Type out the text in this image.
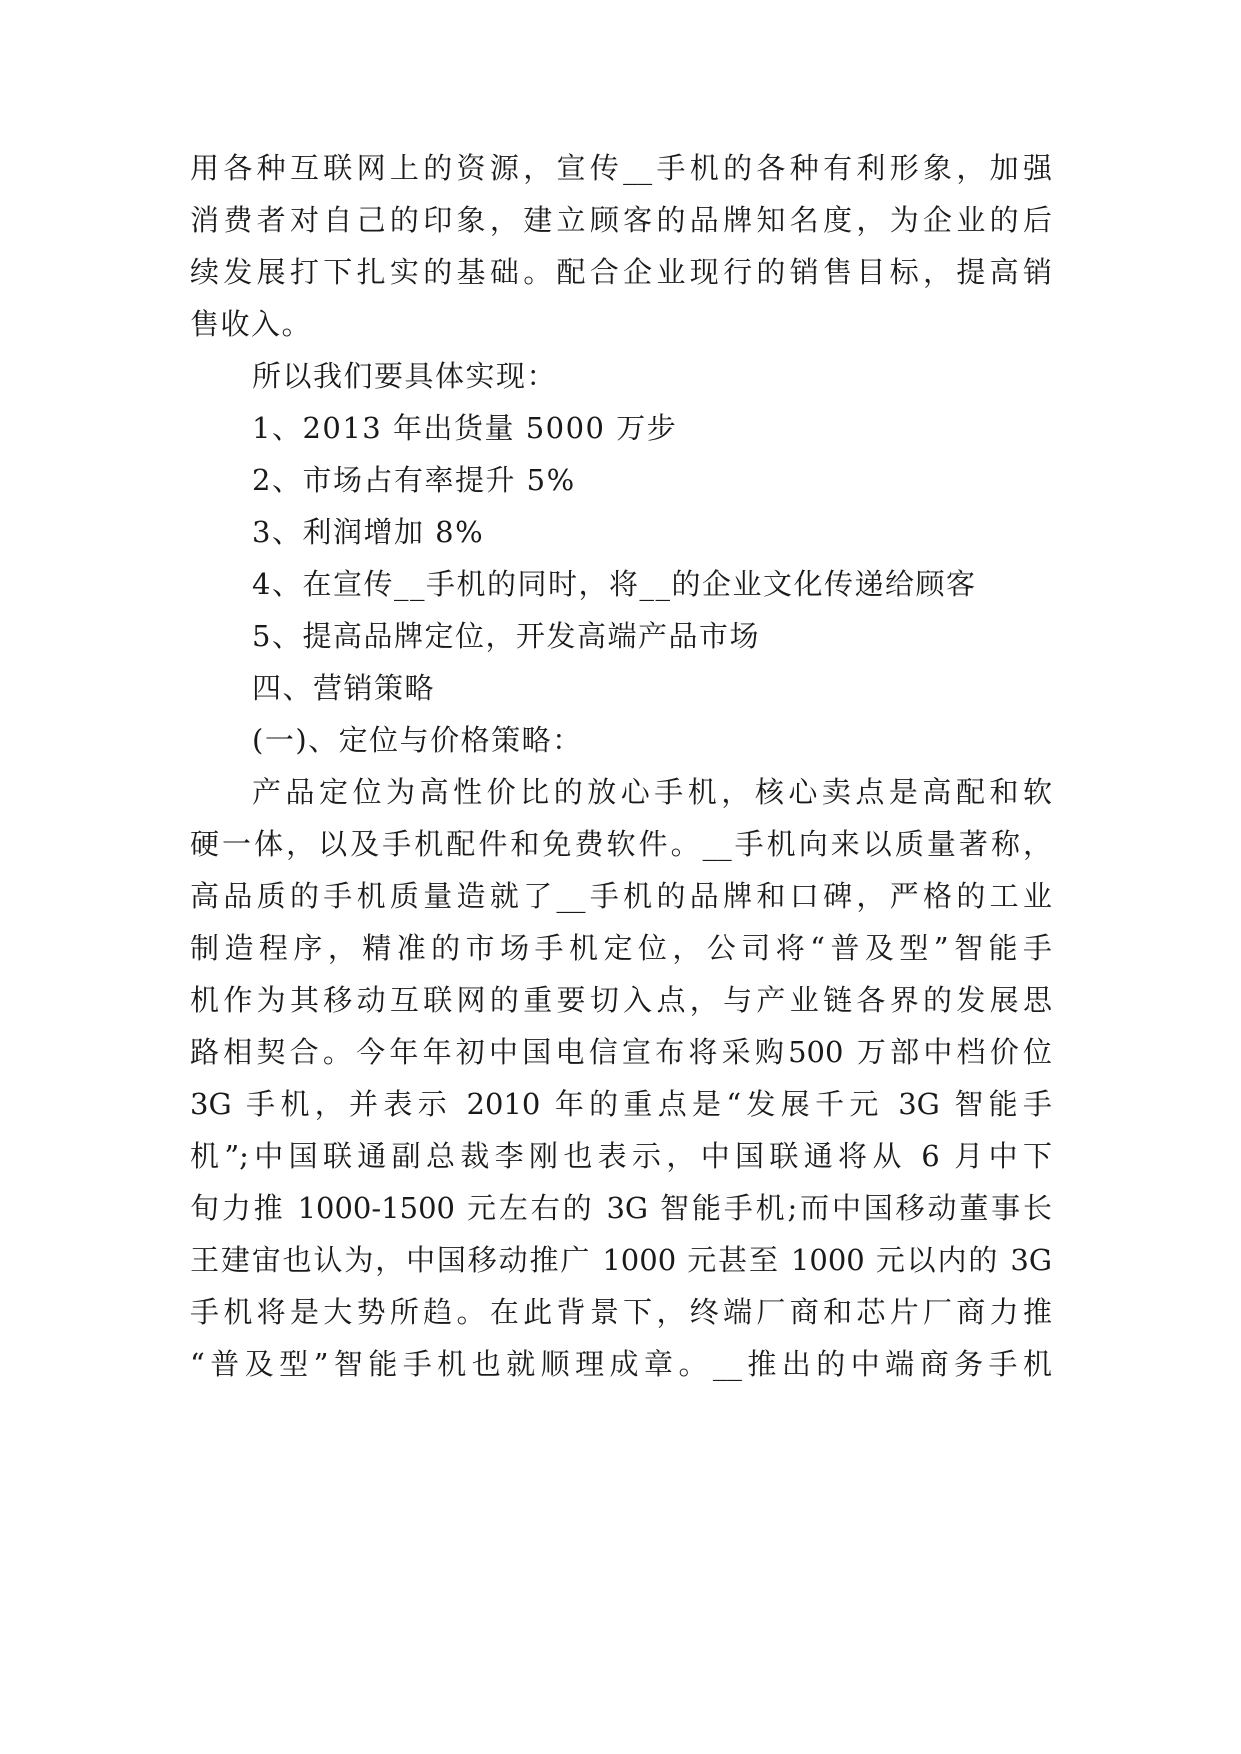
用各种互联网上的资源，宣传__手机的各种有利形象，加强
消费者对自己的印象，建立顾客的品牌知名度，为企业的后
续发展打下扎实的基础。配合企业现行的销售目标，提高销
售收入。
所以我们要具体实现：
1、2013 年出货量 5000 万步
2、市场占有率提升 5%
3、利润增加 8%
4、在宣传__手机的同时，将__的企业文化传递给顾客
5、提高品牌定位，开发高端产品市场
四、营销策略
(一)、定位与价格策略：
产品定位为高性价比的放心手机，核心卖点是高配和软
硬一体，以及手机配件和免费软件。__手机向来以质量著称，
高品质的手机质量造就了__手机的品牌和口碑，严格的工业
制造程序，精准的市场手机定位，公司将“普及型”智能手
机作为其移动互联网的重要切入点，与产业链各界的发展思
路相契合。今年年初中国电信宣布将采购500 万部中档价位
3G 手机，并表示 2010 年的重点是“发展千元 3G 智能手
机”;中国联通副总裁李刚也表示，中国联通将从 6 月中下
旬力推 1000-1500 元左右的 3G 智能手机;而中国移动董事长
王建宙也认为，中国移动推广 1000 元甚至 1000 元以内的 3G
手机将是大势所趋。在此背景下，终端厂商和芯片厂商力推
“普及型”智能手机也就顺理成章。__推出的中端商务手机
